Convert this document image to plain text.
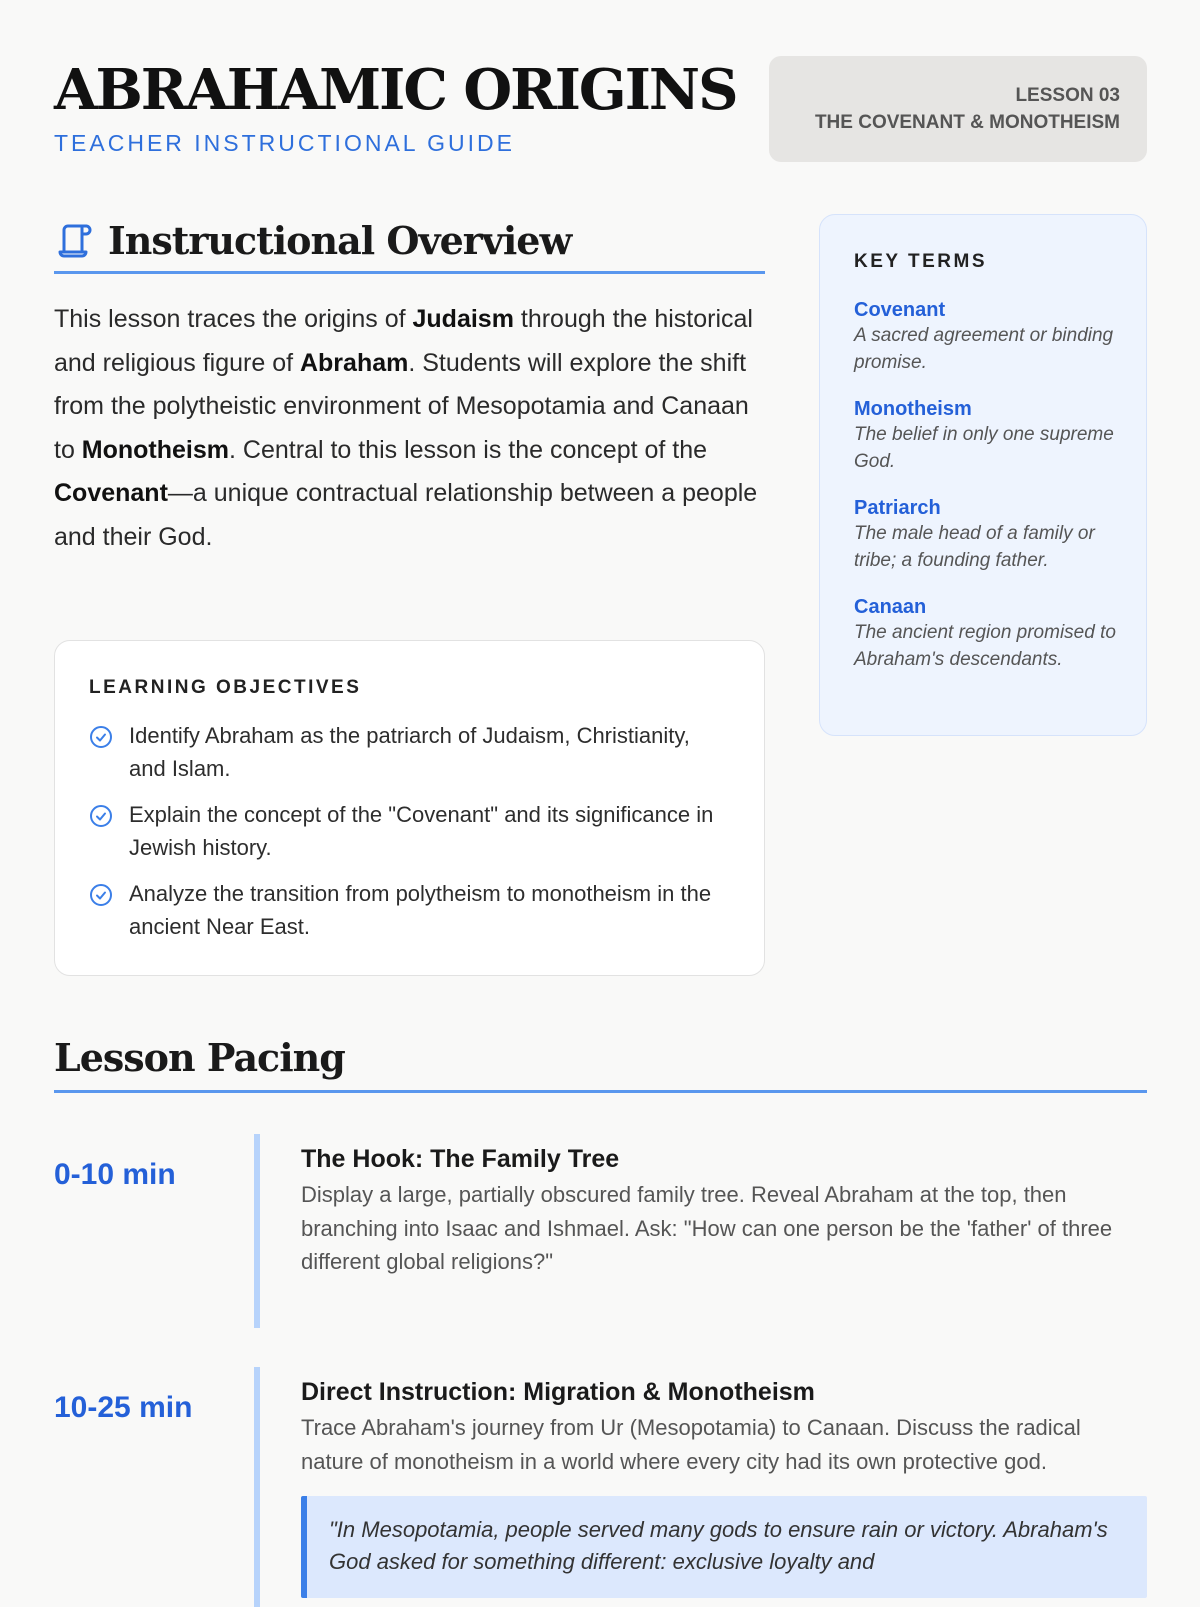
ABRAHAMIC ORIGINS
TEACHER INSTRUCTIONAL GUIDE
LESSON 03
THE COVENANT & MONOTHEISM
Instructional Overview

This lesson traces the origins of Judaism through the historical and religious figure of Abraham. Students will explore the shift from the polytheistic environment of Mesopotamia and Canaan to Monotheism. Central to this lesson is the concept of the Covenant—a unique contractual relationship between a people and their God.

LEARNING OBJECTIVES
Identify Abraham as the patriarch of Judaism, Christianity, and Islam.
Explain the concept of the "Covenant" and its significance in Jewish history.
Analyze the transition from polytheism to monotheism in the ancient Near East.
KEY TERMS
Covenant
A sacred agreement or binding promise.
Monotheism
The belief in only one supreme God.
Patriarch
The male head of a family or tribe; a founding father.
Canaan
The ancient region promised to Abraham's descendants.
Lesson Pacing
0-10 min	The Hook: The Family Tree
Display a large, partially obscured family tree. Reveal Abraham at the top, then branching into Isaac and Ishmael. Ask: "How can one person be the 'father' of three different global religions?"
10-25 min	Direct Instruction: Migration & Monotheism
Trace Abraham's journey from Ur (Mesopotamia) to Canaan. Discuss the radical nature of monotheism in a world where every city had its own protective god.
"In Mesopotamia, people served many gods to ensure rain or victory. Abraham's God asked for something different: exclusive loyalty and
